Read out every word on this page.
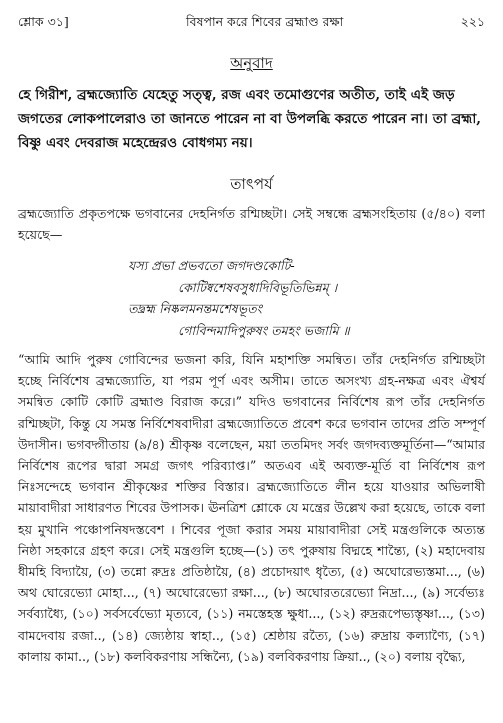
শ্লোক ৩১]	বিষপান করে শিবের ব্রহ্মাণ্ড রক্ষা	২২১
অনুবাদ

হে গিরীশ, ব্রহ্মজ্যোতি যেহেতু সত্ত্ব, রজ এবং তমোগুণের অতীত, তাই এই জড় জগতের লোকপালেরাও তা জানতে পারেন না বা উপলব্ধি করতে পারেন না। তা ব্রহ্মা, বিষ্ণু এবং দেবরাজ মহেন্দ্রেরও বোধগম্য নয়।

তাৎপর্য

ব্রহ্মজ্যোতি প্রকৃতপক্ষে ভগবানের দেহনির্গত রশ্মিচ্ছটা। সেই সম্বন্ধে ব্রহ্মসংহিতায় (৫/৪০) বলা হয়েছে—

যস্য প্রভা প্রভবতো জগদণ্ডকোটি-
কোটিষ্বশেষবসুধাদিবিভূতিভিন্নম্ ।
তদ্ব্রহ্ম নিষ্কলমনন্তমশেষভূতং
গোবিন্দমাদিপুরুষং তমহং ভজামি ॥

“আমি আদি পুরুষ গোবিন্দের ভজনা করি, যিনি মহাশক্তি সমন্বিত। তাঁর দেহনির্গত রশ্মিচ্ছটা হচ্ছে নির্বিশেষ ব্রহ্মজ্যোতি, যা পরম পূর্ণ এবং অসীম। তাতে অসংখ্য গ্রহ-নক্ষত্র এবং ঐশ্বর্য সমন্বিত কোটি কোটি ব্রহ্মাণ্ড বিরাজ করে।” যদিও ভগবানের নির্বিশেষ রূপ তাঁর দেহনির্গত রশ্মিচ্ছটা, কিন্তু যে সমস্ত নির্বিশেষবাদীরা ব্রহ্মজ্যোতিতে প্রবেশ করে ভগবান তাদের প্রতি সম্পূর্ণ উদাসীন। ভগবদ্গীতায় (৯/৪) শ্রীকৃষ্ণ বলেছেন, ময়া ততমিদং সর্বং জগদব্যক্তমূর্তিনা—“আমার নির্বিশেষ রূপের দ্বারা সমগ্র জগৎ পরিব্যাপ্ত।” অতএব এই অব্যক্ত-মূর্তি বা নির্বিশেষ রূপ নিঃসন্দেহে ভগবান শ্রীকৃষ্ণের শক্তির বিস্তার। ব্রহ্মজ্যোতিতে লীন হয়ে যাওয়ার অভিলাষী মায়াবাদীরা সাধারণত শিবের উপাসক। ঊনত্রিশ শ্লোকে যে মন্ত্রের উল্লেখ করা হয়েছে, তাকে বলা হয় মুখানি পঞ্চোপনিষদস্তবেশ । শিবের পূজা করার সময় মায়াবাদীরা সেই মন্ত্রগুলিকে অত্যন্ত নিষ্ঠা সহকারে গ্রহণ করে। সেই মন্ত্রগুলি হচ্ছে—(১) তৎ পুরুষায় বিদ্মহে শান্ত্যৈ, (২) মহাদেবায় ধীমহি বিদ্যায়ৈ, (৩) তন্নো রুদ্রঃ প্রতিষ্ঠায়ৈ, (৪) প্রচোদয়াৎ ধৃত্যৈ, (৫) অঘোরেভ্যস্তমা..., (৬) অথ ঘোরেভ্যো মোহা..., (৭) অঘোরেভ্যো রক্ষা..., (৮) অঘোরতরেভ্যো নিদ্রা..., (৯) সর্বেভ্যঃ সর্বব্যাধ্যৈ, (১০) সর্বসর্বেভ্যো মৃত্যবে, (১১) নমস্তেহস্ত ক্ষুধা..., (১২) রুদ্ররূপেভ্যস্তৃষ্ণা..., (১৩) বামদেবায় রজা.., (১৪) জ্যেষ্ঠায় স্বাহা.., (১৫) শ্রেষ্ঠায় রত্যৈ, (১৬) রুদ্রায় কল্যাণ্যৈ, (১৭) কালায় কামা.., (১৮) কলবিকরণায় সন্ধিন্যৈ, (১৯) বলবিকরণায় ক্রিয়া.., (২০) বলায় বৃদ্ধ্যৈ,
